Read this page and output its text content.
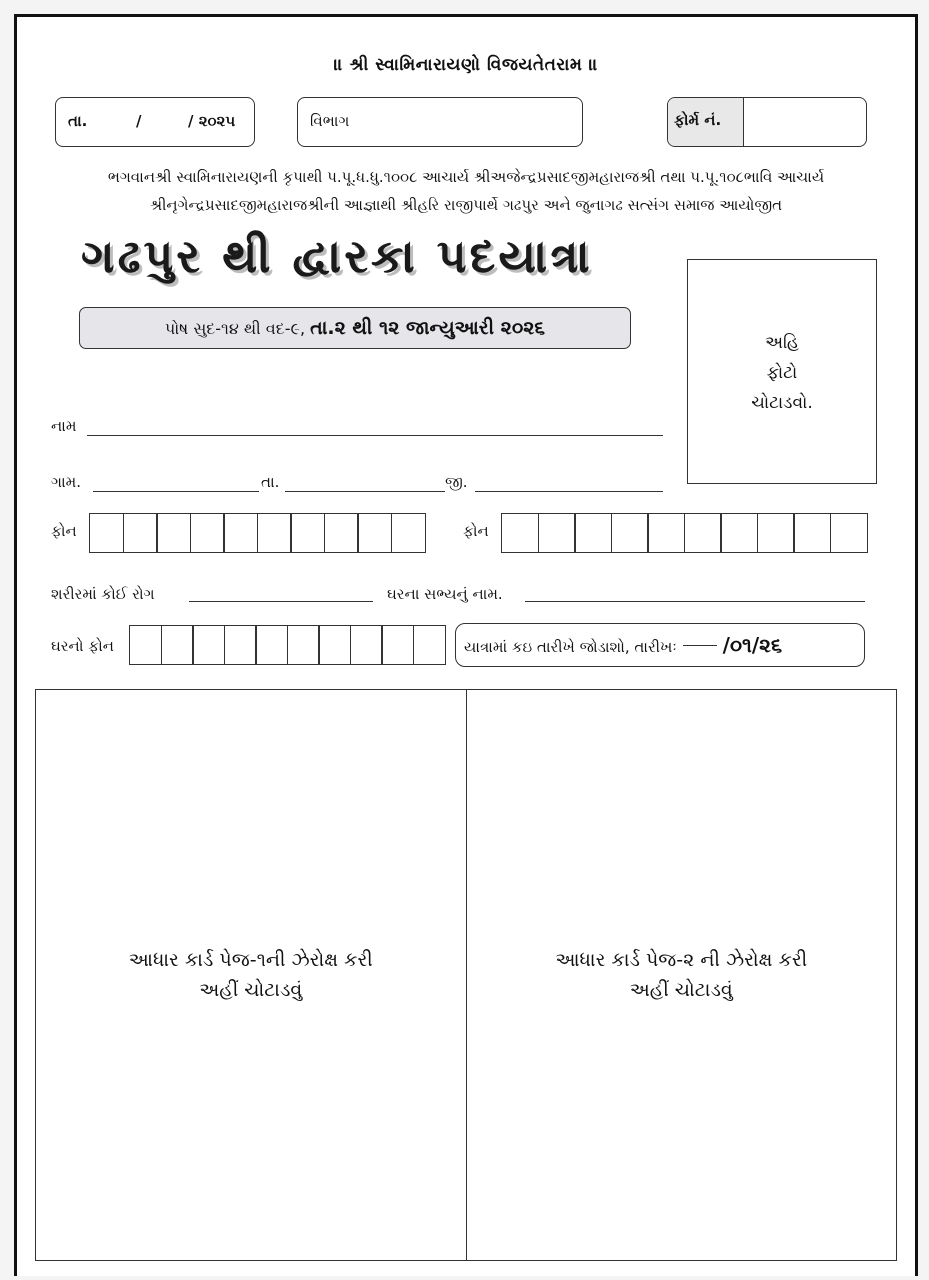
॥ શ્રી સ્વામિનારાયણો વિજયતેતરામ ॥
તા.	/	/ ૨૦૨૫	વિભાગ	ફોર્મ નં.
ભગવાનશ્રી સ્વામિનારાયણની કૃપાથી પ.પૂ.ધ.ધુ.૧૦૦૮ આચાર્ય શ્રીઅજેન્દ્રપ્રસાદજીમહારાજશ્રી તથા પ.પૂ.૧૦૮ભાવિ આચાર્ય
શ્રીનૃગેન્દ્રપ્રસાદજીમહારાજશ્રીની આજ્ઞાથી શ્રીહરિ રાજીપાર્થે ગઢપુર અને જુનાગઢ સત્સંગ સમાજ આયોજીત
ગઢપુર થી દ્વારકા પદયાત્રા
પોષ સુદ-૧૪ થી વદ-૯, તા.૨ થી ૧૨ જાન્યુઆરી ૨૦૨૬
અહિ
ફોટો
ચોટાડવો.
નામ
ગામ.	તા.	જી.
ફોન	ફોન
શરીરમાં કોઈ રોગ	ઘરના સભ્યનું નામ.
ઘરનો ફોન	યાત્રામાં કઇ તારીખે જોડાશો, તારીખઃ /૦૧/૨૬
આધાર કાર્ડ પેજ-૧ની ઝેરોક્ષ કરી
અહીં ચોટાડવું
આધાર કાર્ડ પેજ-૨ ની ઝેરોક્ષ કરી
અહીં ચોટાડવું
